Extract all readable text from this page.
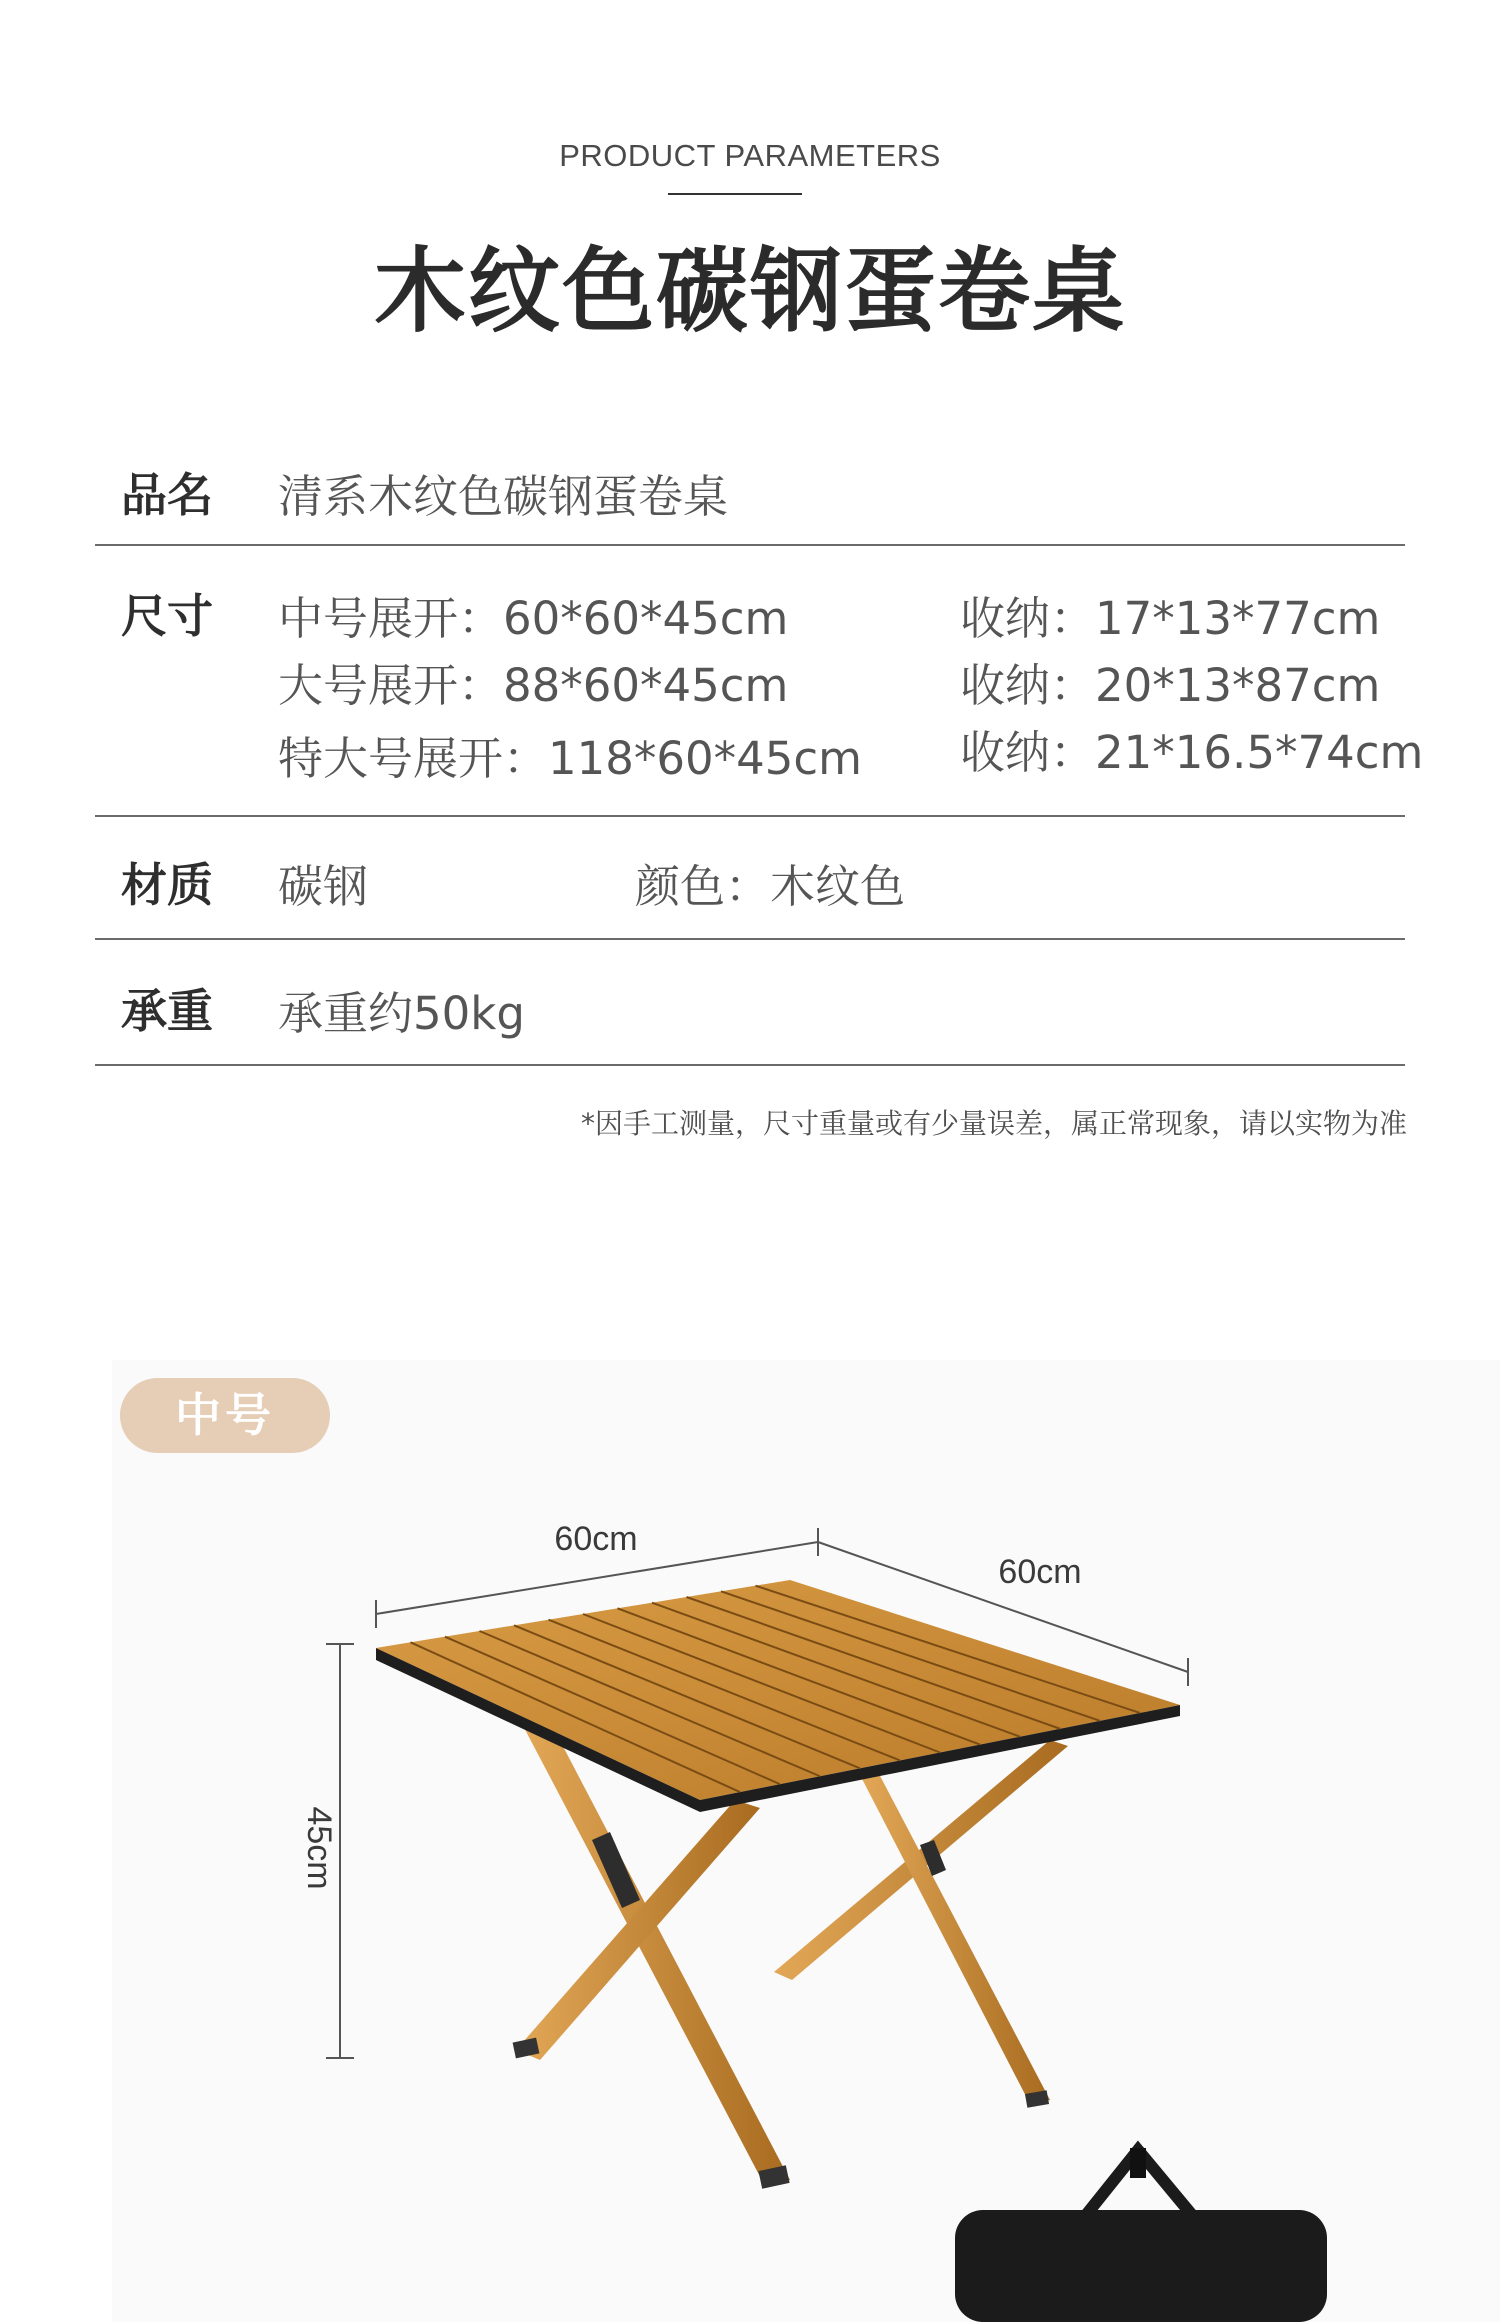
PRODUCT PARAMETERS
木纹色碳钢蛋卷桌
品名 清系木纹色碳钢蛋卷桌
尺寸 中号展开：60*60*45cm	收纳：17*13*77cm
大号展开：88*60*45cm	收纳：20*13*87cm
特大号展开：118*60*45cm 收纳：21*16.5*74cm
材质 碳钢	颜色：木纹色
承重 承重约50kg
*因手工测量，尺寸重量或有少量误差，属正常现象，请以实物为准
60cm
60cm
45cm
中号
